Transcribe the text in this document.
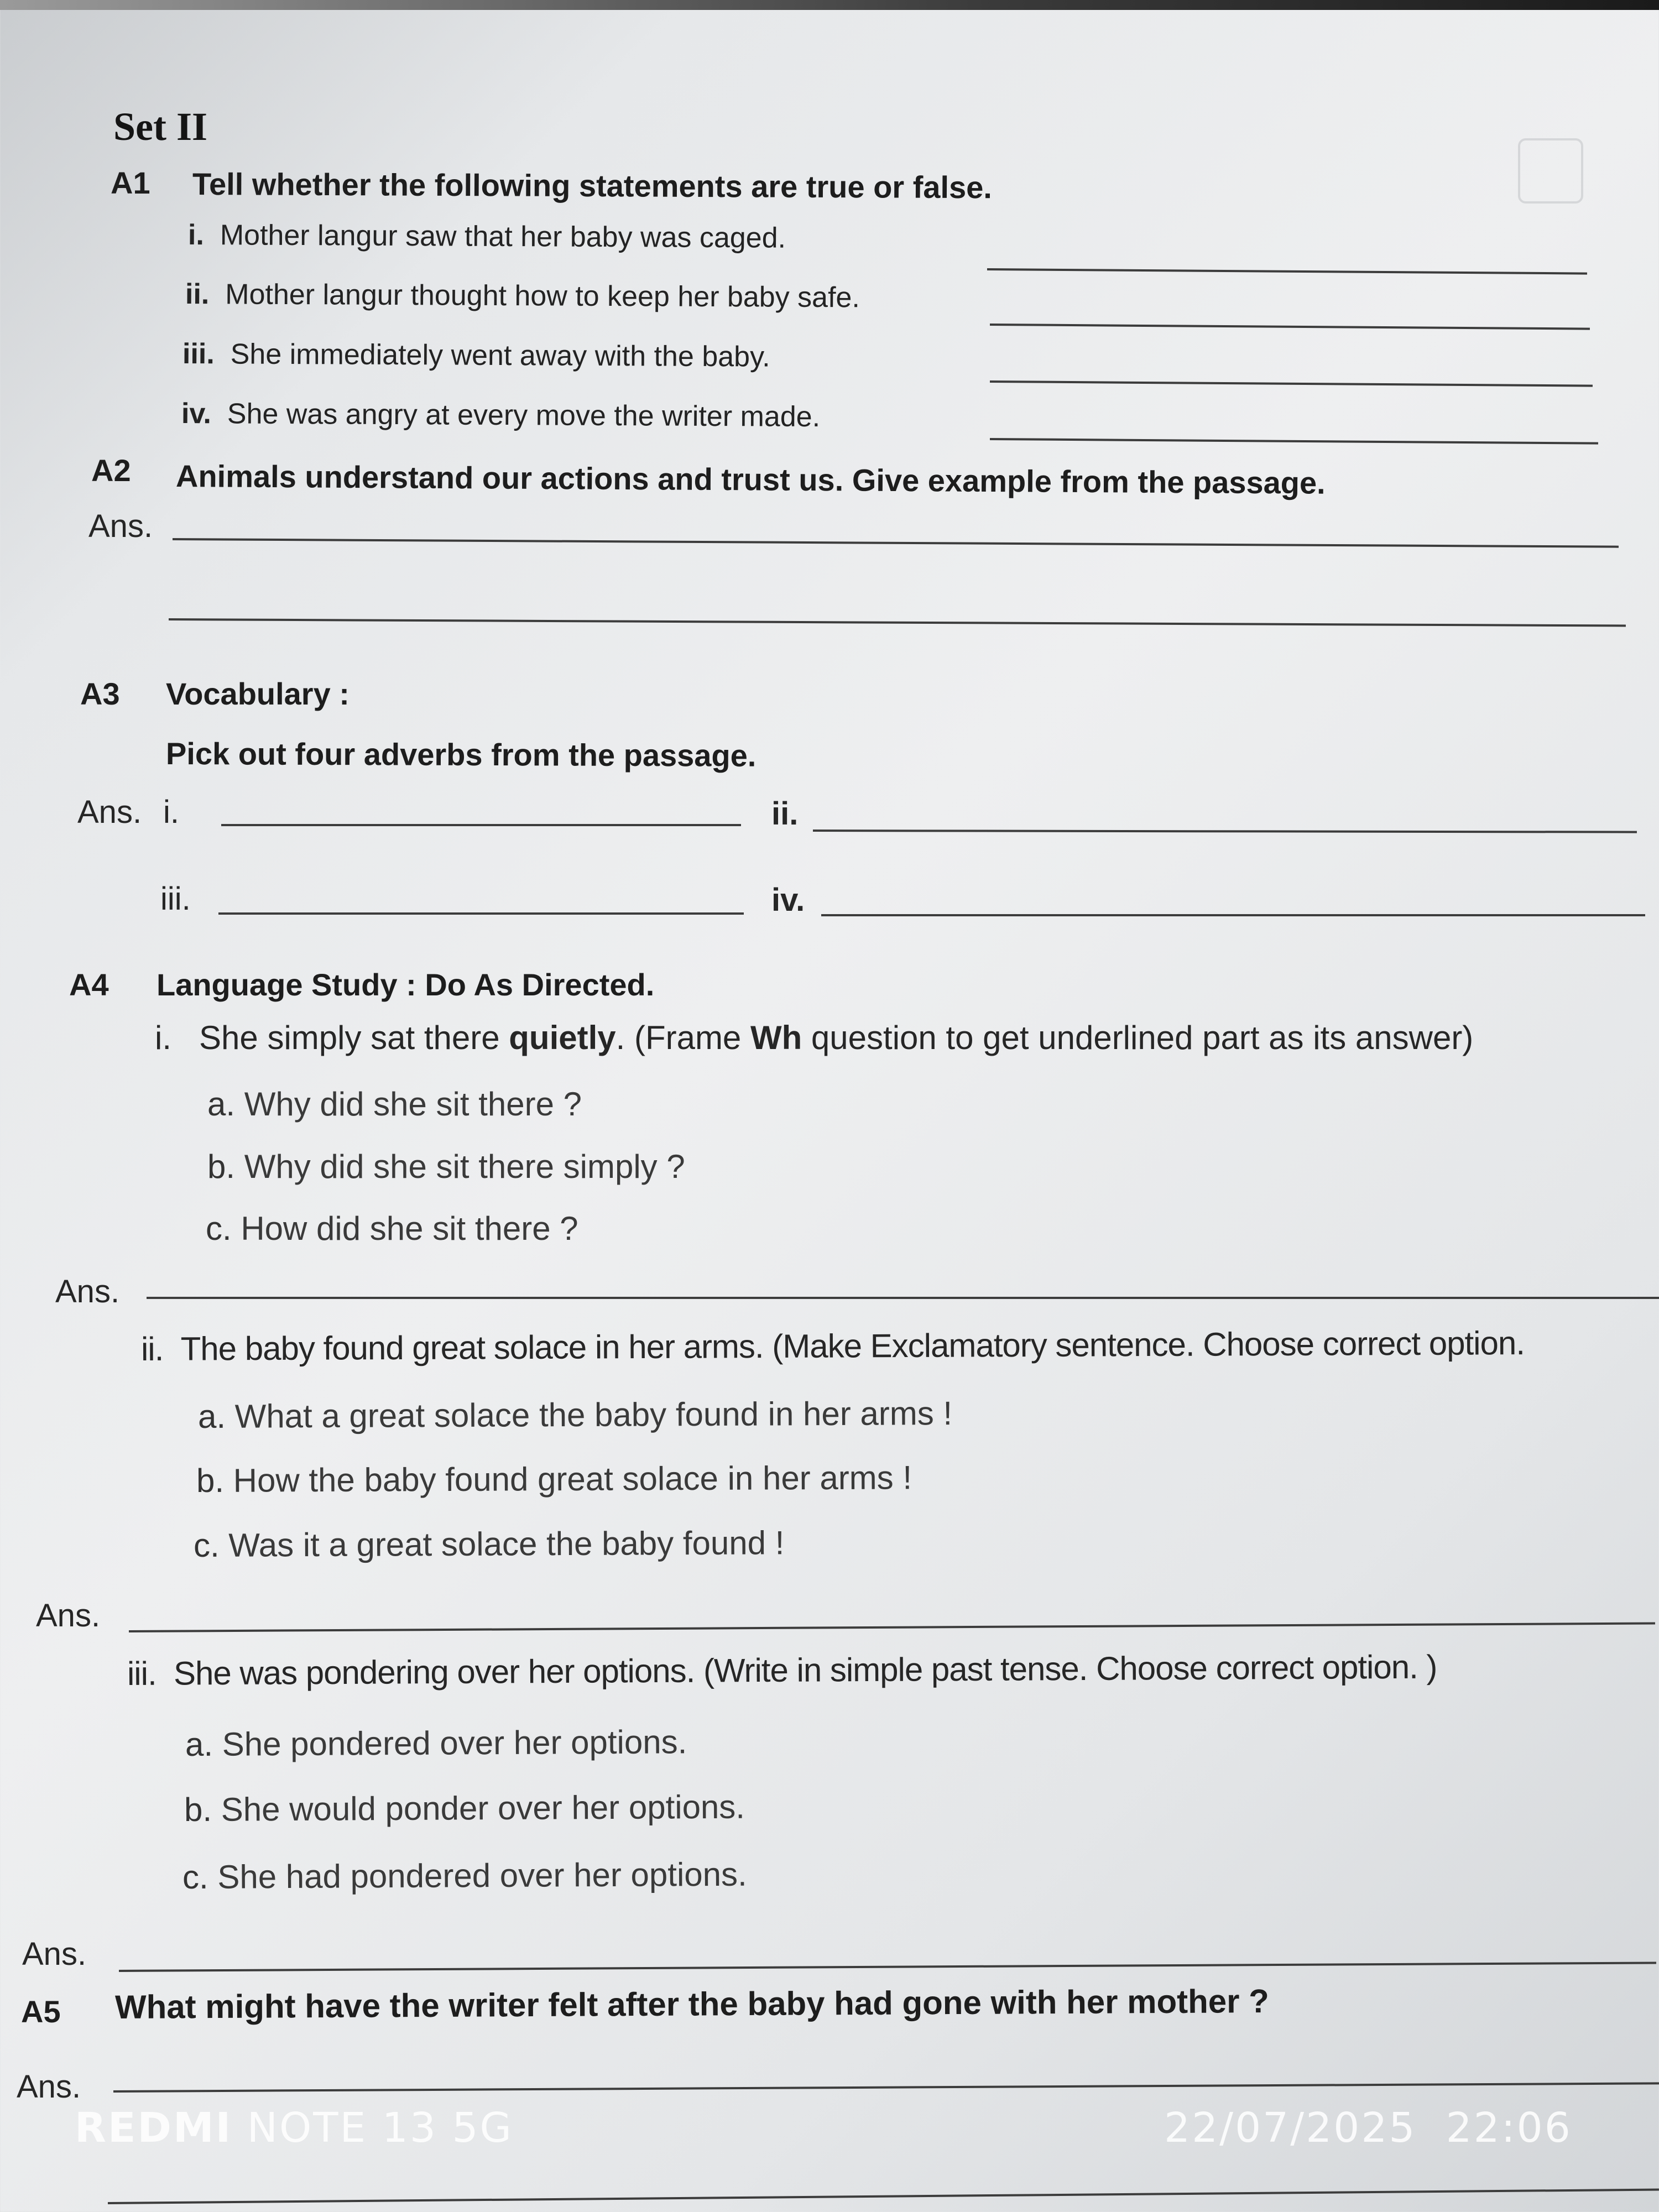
Set II
A1 Tell whether the following statements are true or false.
i. Mother langur saw that her baby was caged.
ii. Mother langur thought how to keep her baby safe.
iii. She immediately went away with the baby.
iv. She was angry at every move the writer made.
A2 Animals understand our actions and trust us. Give example from the passage.
Ans.
A3 Vocabulary :
Pick out four adverbs from the passage.
Ans. i.	ii.
iii.	iv.
A4 Language Study : Do As Directed.
i. She simply sat there quietly. (Frame Wh question to get underlined part as its answer)
a. Why did she sit there ?
b. Why did she sit there simply ?
c. How did she sit there ?
Ans.
ii. The baby found great solace in her arms. (Make Exclamatory sentence. Choose correct option.
a. What a great solace the baby found in her arms !
b. How the baby found great solace in her arms !
c. Was it a great solace the baby found !
Ans.
iii. She was pondering over her options. (Write in simple past tense. Choose correct option. )
a. She pondered over her options.
b. She would ponder over her options.
c. She had pondered over her options.
Ans.
A5 What might have the writer felt after the baby had gone with her mother ?
Ans.
REDMI NOTE 13 5G	22/07/2025 22:06
